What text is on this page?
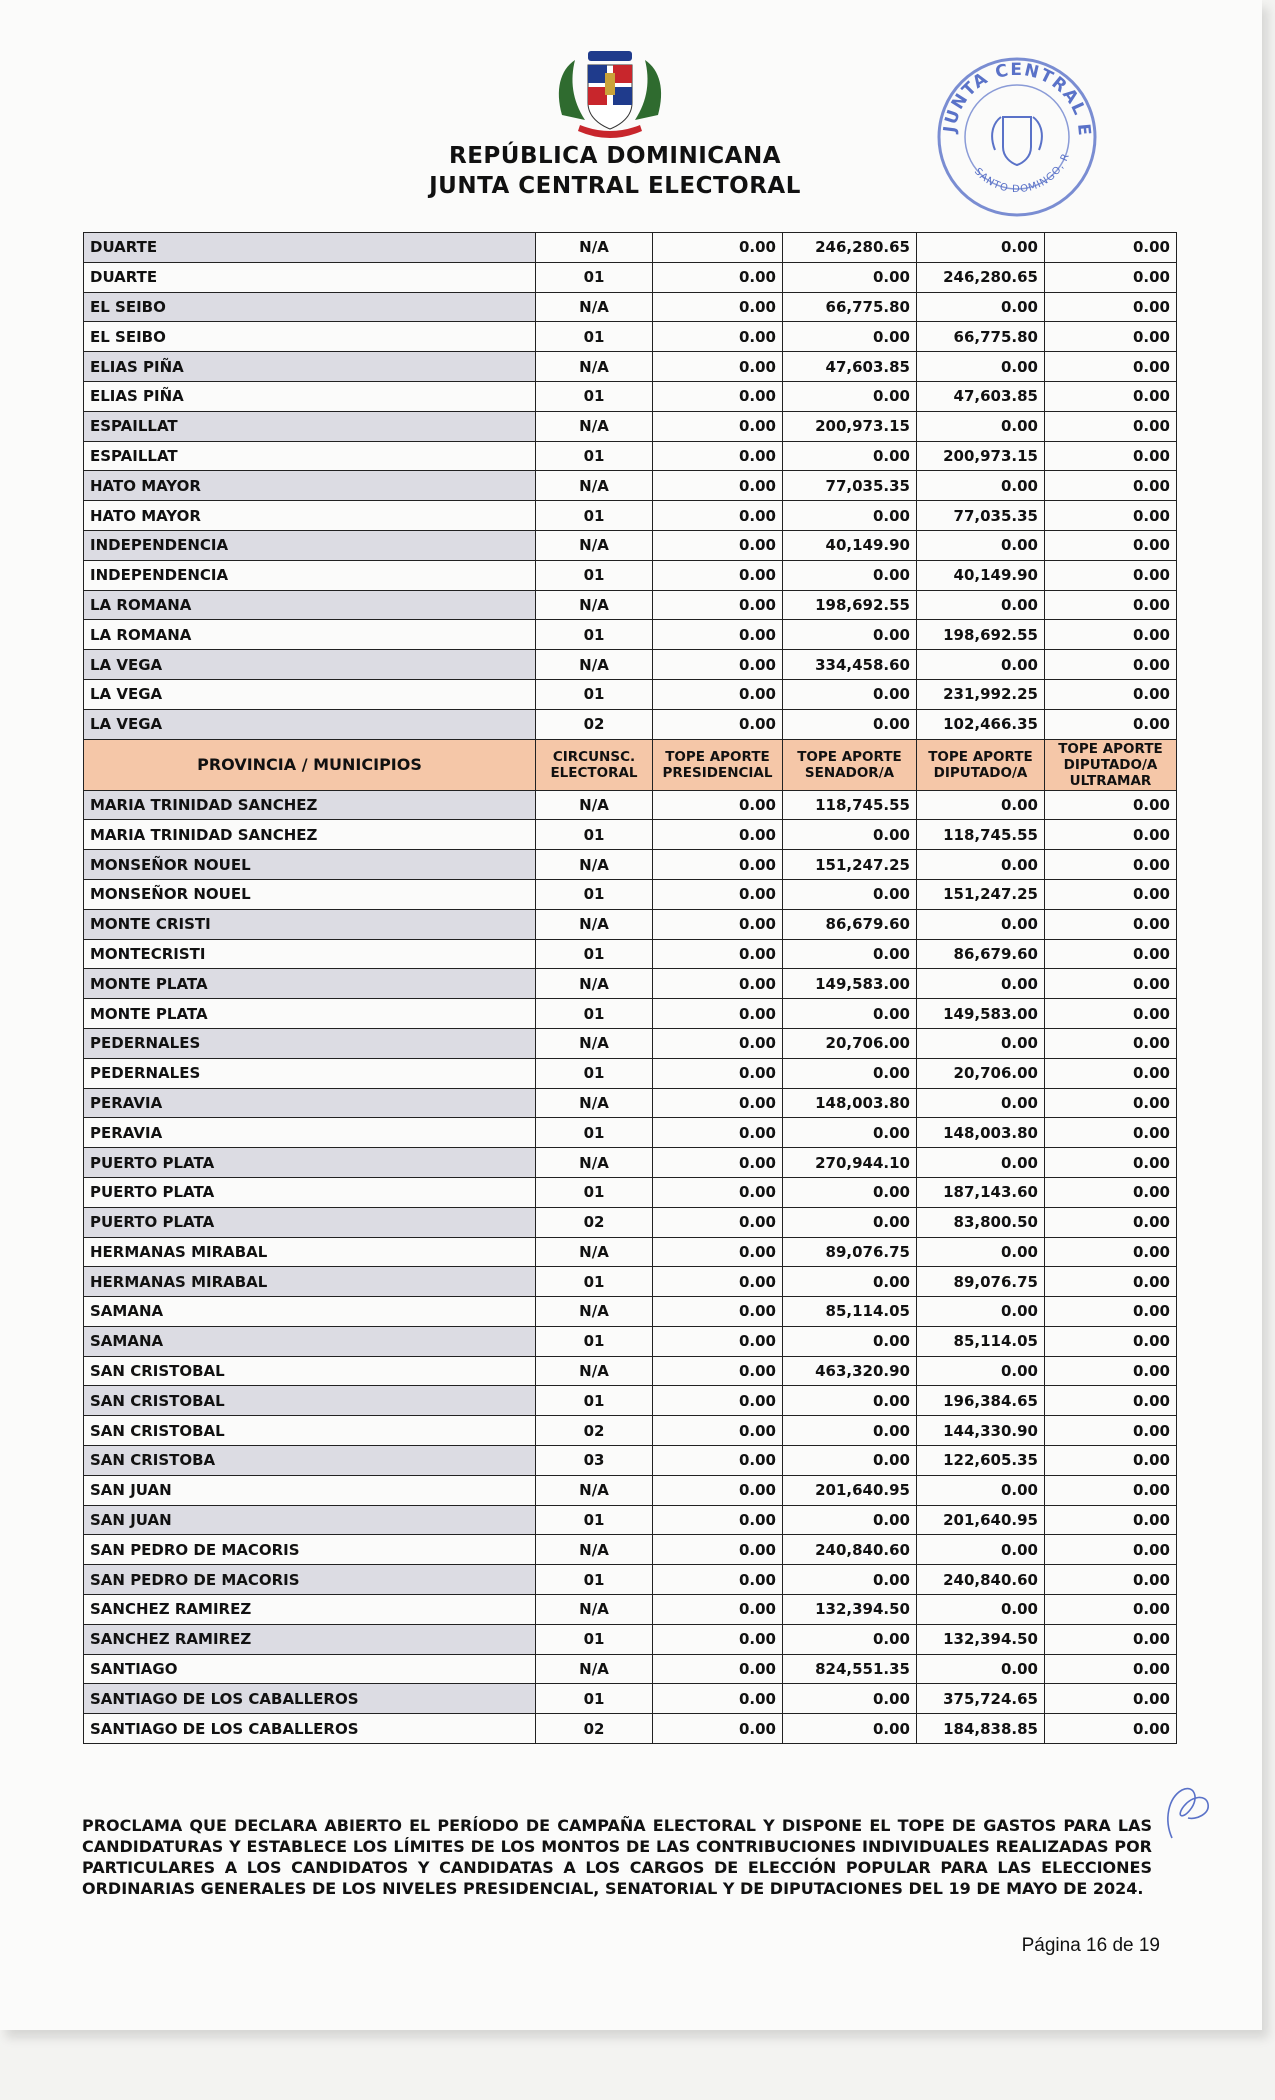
REPÚBLICA DOMINICANA
JUNTA CENTRAL ELECTORAL
JUNTA CENTRAL E
SANTO DOMINGO, R
DUARTE	N/A	0.00	246,280.65	0.00	0.00
DUARTE	01	0.00	0.00	246,280.65	0.00
EL SEIBO	N/A	0.00	66,775.80	0.00	0.00
EL SEIBO	01	0.00	0.00	66,775.80	0.00
ELIAS PIÑA	N/A	0.00	47,603.85	0.00	0.00
ELIAS PIÑA	01	0.00	0.00	47,603.85	0.00
ESPAILLAT	N/A	0.00	200,973.15	0.00	0.00
ESPAILLAT	01	0.00	0.00	200,973.15	0.00
HATO MAYOR	N/A	0.00	77,035.35	0.00	0.00
HATO MAYOR	01	0.00	0.00	77,035.35	0.00
INDEPENDENCIA	N/A	0.00	40,149.90	0.00	0.00
INDEPENDENCIA	01	0.00	0.00	40,149.90	0.00
LA ROMANA	N/A	0.00	198,692.55	0.00	0.00
LA ROMANA	01	0.00	0.00	198,692.55	0.00
LA VEGA	N/A	0.00	334,458.60	0.00	0.00
LA VEGA	01	0.00	0.00	231,992.25	0.00
LA VEGA	02	0.00	0.00	102,466.35	0.00
PROVINCIA / MUNICIPIOS	CIRCUNSC. ELECTORAL	TOPE APORTE PRESIDENCIAL	TOPE APORTE SENADOR/A	TOPE APORTE DIPUTADO/A	TOPE APORTE DIPUTADO/A ULTRAMAR
MARIA TRINIDAD SANCHEZ	N/A	0.00	118,745.55	0.00	0.00
MARIA TRINIDAD SANCHEZ	01	0.00	0.00	118,745.55	0.00
MONSEÑOR NOUEL	N/A	0.00	151,247.25	0.00	0.00
MONSEÑOR NOUEL	01	0.00	0.00	151,247.25	0.00
MONTE CRISTI	N/A	0.00	86,679.60	0.00	0.00
MONTECRISTI	01	0.00	0.00	86,679.60	0.00
MONTE PLATA	N/A	0.00	149,583.00	0.00	0.00
MONTE PLATA	01	0.00	0.00	149,583.00	0.00
PEDERNALES	N/A	0.00	20,706.00	0.00	0.00
PEDERNALES	01	0.00	0.00	20,706.00	0.00
PERAVIA	N/A	0.00	148,003.80	0.00	0.00
PERAVIA	01	0.00	0.00	148,003.80	0.00
PUERTO PLATA	N/A	0.00	270,944.10	0.00	0.00
PUERTO PLATA	01	0.00	0.00	187,143.60	0.00
PUERTO PLATA	02	0.00	0.00	83,800.50	0.00
HERMANAS MIRABAL	N/A	0.00	89,076.75	0.00	0.00
HERMANAS MIRABAL	01	0.00	0.00	89,076.75	0.00
SAMANA	N/A	0.00	85,114.05	0.00	0.00
SAMANA	01	0.00	0.00	85,114.05	0.00
SAN CRISTOBAL	N/A	0.00	463,320.90	0.00	0.00
SAN CRISTOBAL	01	0.00	0.00	196,384.65	0.00
SAN CRISTOBAL	02	0.00	0.00	144,330.90	0.00
SAN CRISTOBA	03	0.00	0.00	122,605.35	0.00
SAN JUAN	N/A	0.00	201,640.95	0.00	0.00
SAN JUAN	01	0.00	0.00	201,640.95	0.00
SAN PEDRO DE MACORIS	N/A	0.00	240,840.60	0.00	0.00
SAN PEDRO DE MACORIS	01	0.00	0.00	240,840.60	0.00
SANCHEZ RAMIREZ	N/A	0.00	132,394.50	0.00	0.00
SANCHEZ RAMIREZ	01	0.00	0.00	132,394.50	0.00
SANTIAGO	N/A	0.00	824,551.35	0.00	0.00
SANTIAGO DE LOS CABALLEROS	01	0.00	0.00	375,724.65	0.00
SANTIAGO DE LOS CABALLEROS	02	0.00	0.00	184,838.85	0.00
PROCLAMA QUE DECLARA ABIERTO EL PERÍODO DE CAMPAÑA ELECTORAL Y DISPONE EL TOPE DE GASTOS PARA LAS CANDIDATURAS Y ESTABLECE LOS LÍMITES DE LOS MONTOS DE LAS CONTRIBUCIONES INDIVIDUALES REALIZADAS POR PARTICULARES A LOS CANDIDATOS Y CANDIDATAS A LOS CARGOS DE ELECCIÓN POPULAR PARA LAS ELECCIONES ORDINARIAS GENERALES DE LOS NIVELES PRESIDENCIAL, SENATORIAL Y DE DIPUTACIONES DEL 19 DE MAYO DE 2024.
Página 16 de 19
